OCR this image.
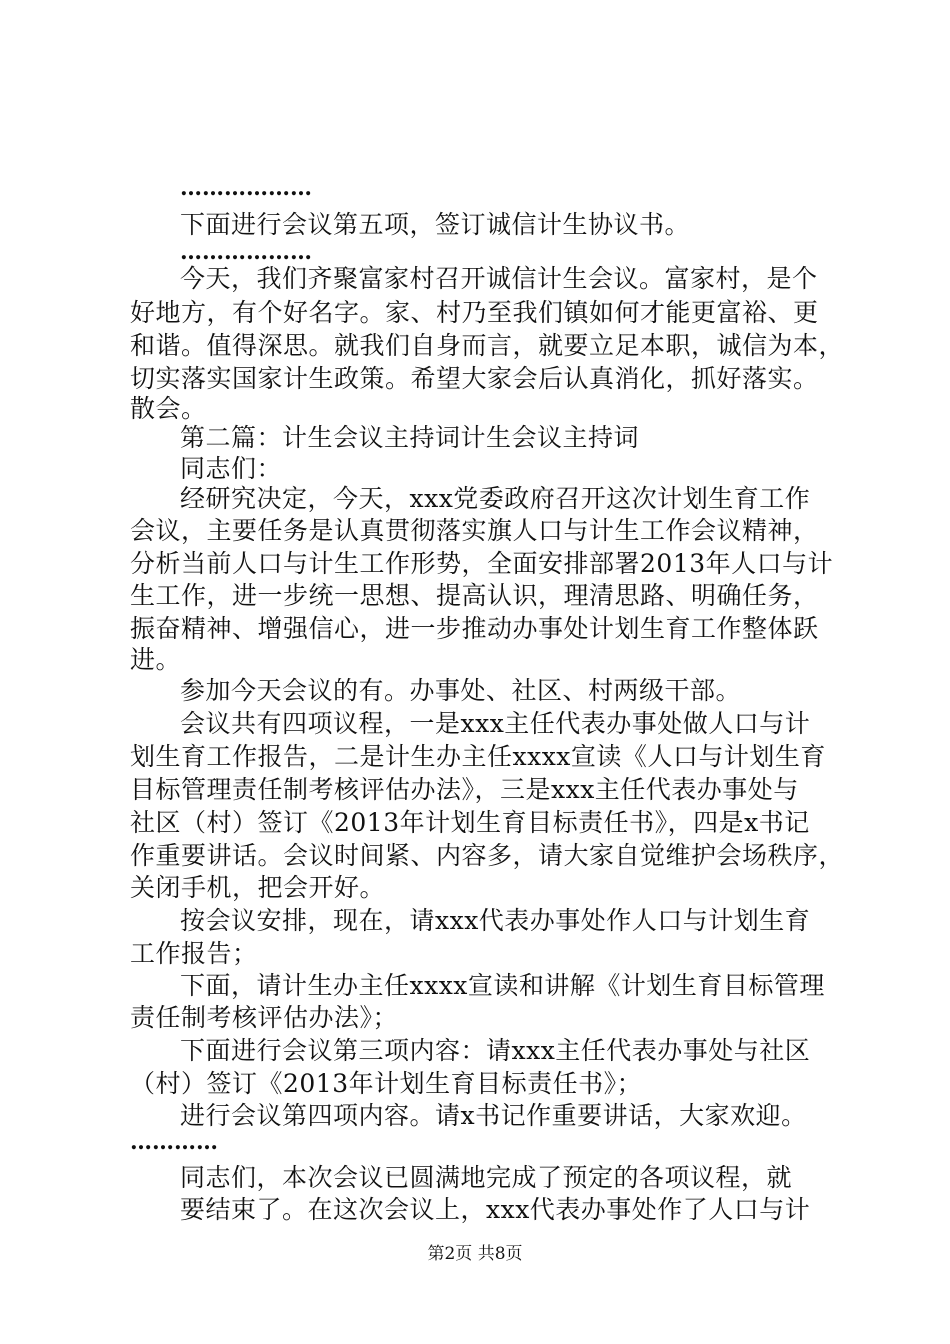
………………
下面进行会议第五项，签订诚信计生协议书。
………………
今天，我们齐聚富家村召开诚信计生会议。富家村，是个
好地方，有个好名字。家、村乃至我们镇如何才能更富裕、更
和谐。值得深思。就我们自身而言，就要立足本职，诚信为本，
切实落实国家计生政策。希望大家会后认真消化，抓好落实。
散会。
第二篇：计生会议主持词计生会议主持词
同志们：
经研究决定，今天，xxx党委政府召开这次计划生育工作
会议，主要任务是认真贯彻落实旗人口与计生工作会议精神，
分析当前人口与计生工作形势，全面安排部署2013年人口与计
生工作，进一步统一思想、提高认识，理清思路、明确任务，
振奋精神、增强信心，进一步推动办事处计划生育工作整体跃
进。
参加今天会议的有。办事处、社区、村两级干部。
会议共有四项议程，一是xxx主任代表办事处做人口与计
划生育工作报告，二是计生办主任xxxx宣读《人口与计划生育
目标管理责任制考核评估办法》，三是xxx主任代表办事处与
社区（村）签订《2013年计划生育目标责任书》，四是x书记
作重要讲话。会议时间紧、内容多，请大家自觉维护会场秩序，
关闭手机，把会开好。
按会议安排，现在，请xxx代表办事处作人口与计划生育
工作报告；
下面，请计生办主任xxxx宣读和讲解《计划生育目标管理
责任制考核评估办法》；
下面进行会议第三项内容：请xxx主任代表办事处与社区
（村）签订《2013年计划生育目标责任书》；
进行会议第四项内容。请x书记作重要讲话，大家欢迎。
…………
同志们，本次会议已圆满地完成了预定的各项议程，就
要结束了。在这次会议上，xxx代表办事处作了人口与计
第2页 共8页
